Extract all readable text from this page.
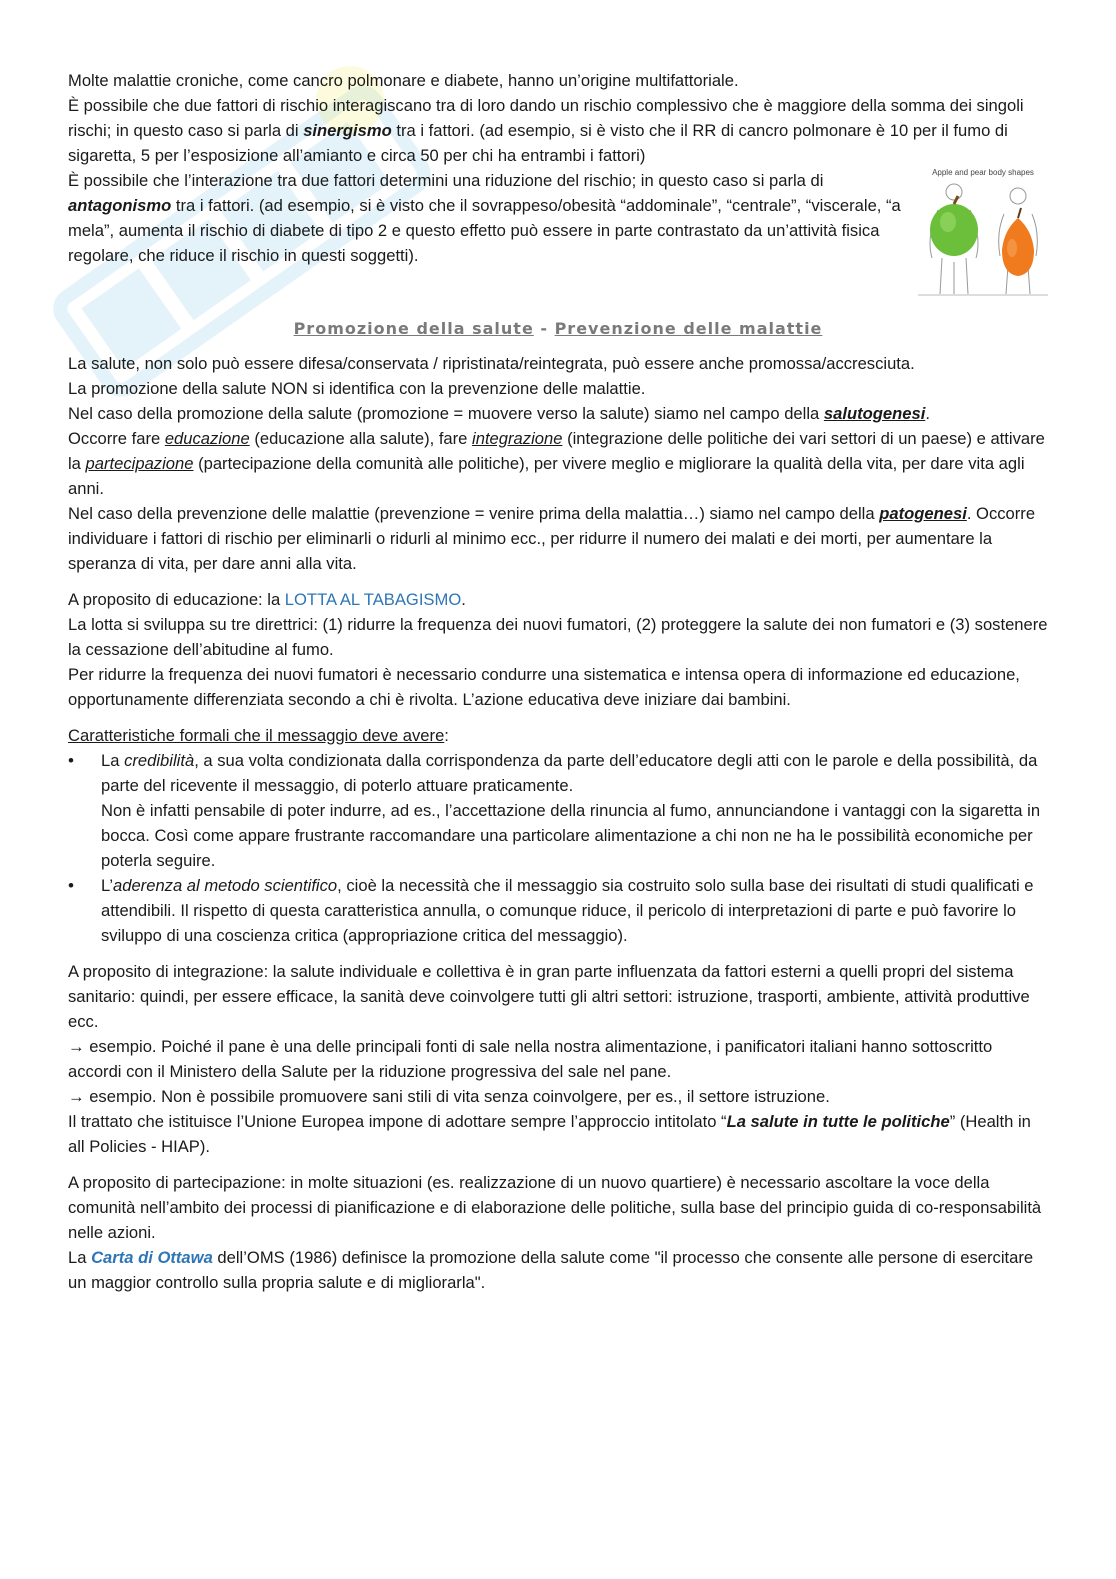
Molte malattie croniche, come cancro polmonare e diabete, hanno un’origine multifattoriale.

È possibile che due fattori di rischio interagiscano tra di loro dando un rischio complessivo che è maggiore della somma dei singoli rischi; in questo caso si parla di sinergismo tra i fattori. (ad esempio, si è visto che il RR di cancro polmonare è 10 per il fumo di sigaretta, 5 per l’esposizione all’amianto e circa 50 per chi ha entrambi i fattori)

È possibile che l’interazione tra due fattori determini una riduzione del rischio; in questo caso si parla di antagonismo tra i fattori. (ad esempio, si è visto che il sovrappeso/obesità “addominale”, “centrale”, “viscerale, “a mela”, aumenta il rischio di diabete di tipo 2 e questo effetto può essere in parte contrastato da un’attività fisica regolare, che riduce il rischio in questi soggetti).

Apple and pear body shapes
Promozione della salute - Prevenzione delle malattie

La salute, non solo può essere difesa/conservata / ripristinata/reintegrata, può essere anche promossa/accresciuta.

La promozione della salute NON si identifica con la prevenzione delle malattie.

Nel caso della promozione della salute (promozione = muovere verso la salute) siamo nel campo della salutogenesi.

Occorre fare educazione (educazione alla salute), fare integrazione (integrazione delle politiche dei vari settori di un paese) e attivare la partecipazione (partecipazione della comunità alle politiche), per vivere meglio e migliorare la qualità della vita, per dare vita agli anni.

Nel caso della prevenzione delle malattie (prevenzione = venire prima della malattia…) siamo nel campo della patogenesi. Occorre individuare i fattori di rischio per eliminarli o ridurli al minimo ecc., per ridurre il numero dei malati e dei morti, per aumentare la speranza di vita, per dare anni alla vita.

A proposito di educazione: la LOTTA AL TABAGISMO.

La lotta si sviluppa su tre direttrici: (1) ridurre la frequenza dei nuovi fumatori, (2) proteggere la salute dei non fumatori e (3) sostenere la cessazione dell’abitudine al fumo.

Per ridurre la frequenza dei nuovi fumatori è necessario condurre una sistematica e intensa opera di informazione ed educazione, opportunamente differenziata secondo a chi è rivolta. L’azione educativa deve iniziare dai bambini.

Caratteristiche formali che il messaggio deve avere:

• La credibilità, a sua volta condizionata dalla corrispondenza da parte dell’educatore degli atti con le parole e della possibilità, da parte del ricevente il messaggio, di poterlo attuare praticamente.
Non è infatti pensabile di poter indurre, ad es., l’accettazione della rinuncia al fumo, annunciandone i vantaggi con la sigaretta in bocca. Così come appare frustrante raccomandare una particolare alimentazione a chi non ne ha le possibilità economiche per poterla seguire.
• L’aderenza al metodo scientifico, cioè la necessità che il messaggio sia costruito solo sulla base dei risultati di studi qualificati e attendibili. Il rispetto di questa caratteristica annulla, o comunque riduce, il pericolo di interpretazioni di parte e può favorire lo sviluppo di una coscienza critica (appropriazione critica del messaggio).

A proposito di integrazione: la salute individuale e collettiva è in gran parte influenzata da fattori esterni a quelli propri del sistema sanitario: quindi, per essere efficace, la sanità deve coinvolgere tutti gli altri settori: istruzione, trasporti, ambiente, attività produttive ecc.

→ esempio. Poiché il pane è una delle principali fonti di sale nella nostra alimentazione, i panificatori italiani hanno sottoscritto accordi con il Ministero della Salute per la riduzione progressiva del sale nel pane.

→ esempio. Non è possibile promuovere sani stili di vita senza coinvolgere, per es., il settore istruzione.

Il trattato che istituisce l’Unione Europea impone di adottare sempre l’approccio intitolato “La salute in tutte le politiche” (Health in all Policies - HIAP).

A proposito di partecipazione: in molte situazioni (es. realizzazione di un nuovo quartiere) è necessario ascoltare la voce della comunità nell’ambito dei processi di pianificazione e di elaborazione delle politiche, sulla base del principio guida di co-responsabilità nelle azioni.

La Carta di Ottawa dell’OMS (1986) definisce la promozione della salute come "il processo che consente alle persone di esercitare un maggior controllo sulla propria salute e di migliorarla".
